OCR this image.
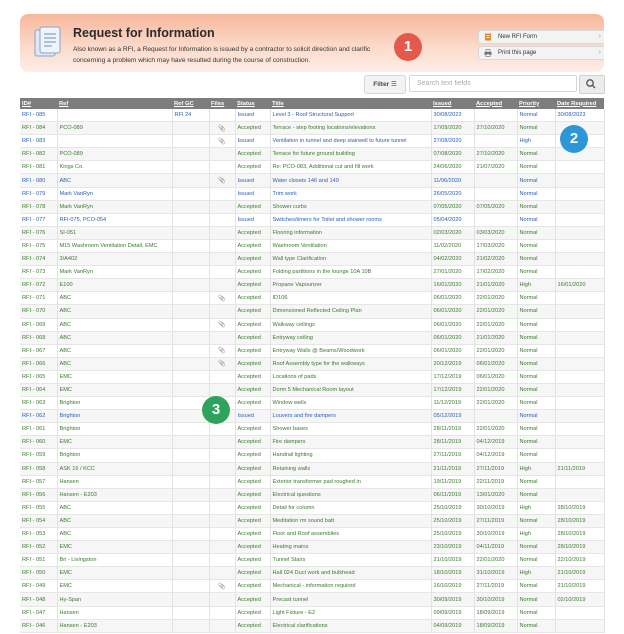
Request for Information
Also known as a RFI, a Request for Information is issued by a contractor to solicit direction and clarific
concerning a problem which may have resulted during the course of construction.
New RFI Form	›
Print this page	›
Filter ☰
Search text fields
ID#	Ref	Ref GC	Files	Status	Title	Issued	Accepted	Priority	Date Required
RFI - 085		RFI 24		Issued	Level 3 - Roof Structural Support	30/08/2023		Normal	30/08/2023
RFI - 084	PCO-089		📎	Accepted	Terrace - step footing locations/elevations	17/09/2020	27/10/2020	Normal	
RFI - 083			📎	Issued	Ventilation in tunnel and deep stairwell to future tunnel	27/08/2020		High	
RFI - 082	PCO-089			Accepted	Terrace for future ground building	07/08/2020	27/10/2020	Normal	
RFI - 081	Kings Co.			Accepted	Re: PCO-083, Additional cut and fill work	24/06/2020	21/07/2020	Normal	
RFI - 080	ABC		📎	Issued	Water closets 146 and 149	11/06/2020		Normal	
RFI - 079	Mark VanRyn			Issued	Trim work	26/05/2020		Normal	
RFI - 078	Mark VanRyn			Accepted	Shower curbs	07/05/2020	07/05/2020	Normal	
RFI - 077	RFI-075, PCO-054			Issued	Switches/timers for Toilet and shower rooms	05/04/2020		Normal	
RFI - 076	SI-051			Accepted	Flooring information	02/03/2020	03/03/2020	Normal	
RFI - 075	M15 Washroom Ventilation Detail, EMC			Accepted	Washroom Ventilation	11/02/2020	17/03/2020	Normal	
RFI - 074	3/A402			Accepted	Wall type Clarification	04/02/2020	21/02/2020	Normal	
RFI - 073	Mark VanRyn			Accepted	Folding partitions in the lounge 10A 10B	27/01/2020	17/02/2020	Normal	
RFI - 072	E100			Accepted	Propane Vapourizer	16/01/2020	21/01/2020	High	16/01/2020
RFI - 071	ABC		📎	Accepted	ID106	06/01/2020	22/01/2020	Normal	
RFI - 070	ABC			Accepted	Dimensioned Reflected Ceiling Plan	06/01/2020	22/01/2020	Normal	
RFI - 069	ABC		📎	Accepted	Walkway ceilings	06/01/2020	22/01/2020	Normal	
RFI - 068	ABC			Accepted	Entryway ceiling	06/01/2020	21/01/2020	Normal	
RFI - 067	ABC		📎	Accepted	Entryway Walls @ Beams/Woodwork	06/01/2020	22/01/2020	Normal	
RFI - 066	ABC		📎	Accepted	Roof Assembly type for the walkways	20/12/2019	06/01/2020	Normal	
RFI - 065	EMC			Accepted	Locations of pads	17/12/2019	06/01/2020	Normal	
RFI - 064	EMC			Accepted	Dorm 5 Mechanical Room layout	17/12/2019	22/01/2020	Normal	
RFI - 063	Brighton			Accepted	Window wells	11/12/2019	22/01/2020	Normal	
RFI - 062	Brighton			Issued	Louvers and fire dampers	05/12/2019		Normal	
RFI - 061	Brighton			Accepted	Shower bases	28/11/2019	22/01/2020	Normal	
RFI - 060	EMC			Accepted	Fire dampers	28/11/2019	04/12/2019	Normal	
RFI - 059	Brighton			Accepted	Handrail lighting	27/11/2019	04/12/2019	Normal	
RFI - 058	ASK 16 / KCC			Accepted	Retaining walls	21/11/2019	27/11/2019	High	21/11/2019
RFI - 057	Hansen			Accepted	Exterior transformer pad roughed in	19/11/2019	22/11/2019	Normal	
RFI - 056	Hansen - E203			Accepted	Electrical questions	06/11/2019	13/01/2020	Normal	
RFI - 055	ABC			Accepted	Detail for column	25/10/2019	30/10/2019	High	28/10/2019
RFI - 054	ABC			Accepted	Meditation rm sound batt	25/10/2019	27/11/2019	Normal	28/10/2019
RFI - 053	ABC			Accepted	Floor and Roof assemblies	25/10/2019	30/10/2019	High	28/10/2019
RFI - 052	EMC			Accepted	Heating mains	23/10/2019	04/11/2019	Normal	28/10/2019
RFI - 051	Bri - Livingston			Accepted	Tunnel Stairs	21/10/2019	22/01/2020	Normal	22/10/2019
RFI - 050	EMC			Accepted	Hall 024 Duct work and bulkhead	18/10/2019	31/10/2019	High	21/10/2019
RFI - 049	EMC		📎	Accepted	Mechanical - information required	16/10/2019	27/11/2019	Normal	21/10/2019
RFI - 048	Hy-Span			Accepted	Precast tunnel	30/09/2019	30/10/2019	Normal	02/10/2019
RFI - 047	Hansen			Accepted	Light Fixture - E2	09/09/2019	18/09/2019	Normal	
RFI - 046	Hansen - E203			Accepted	Electrical clarifications	04/09/2019	18/09/2019	Normal	
1
2
3
